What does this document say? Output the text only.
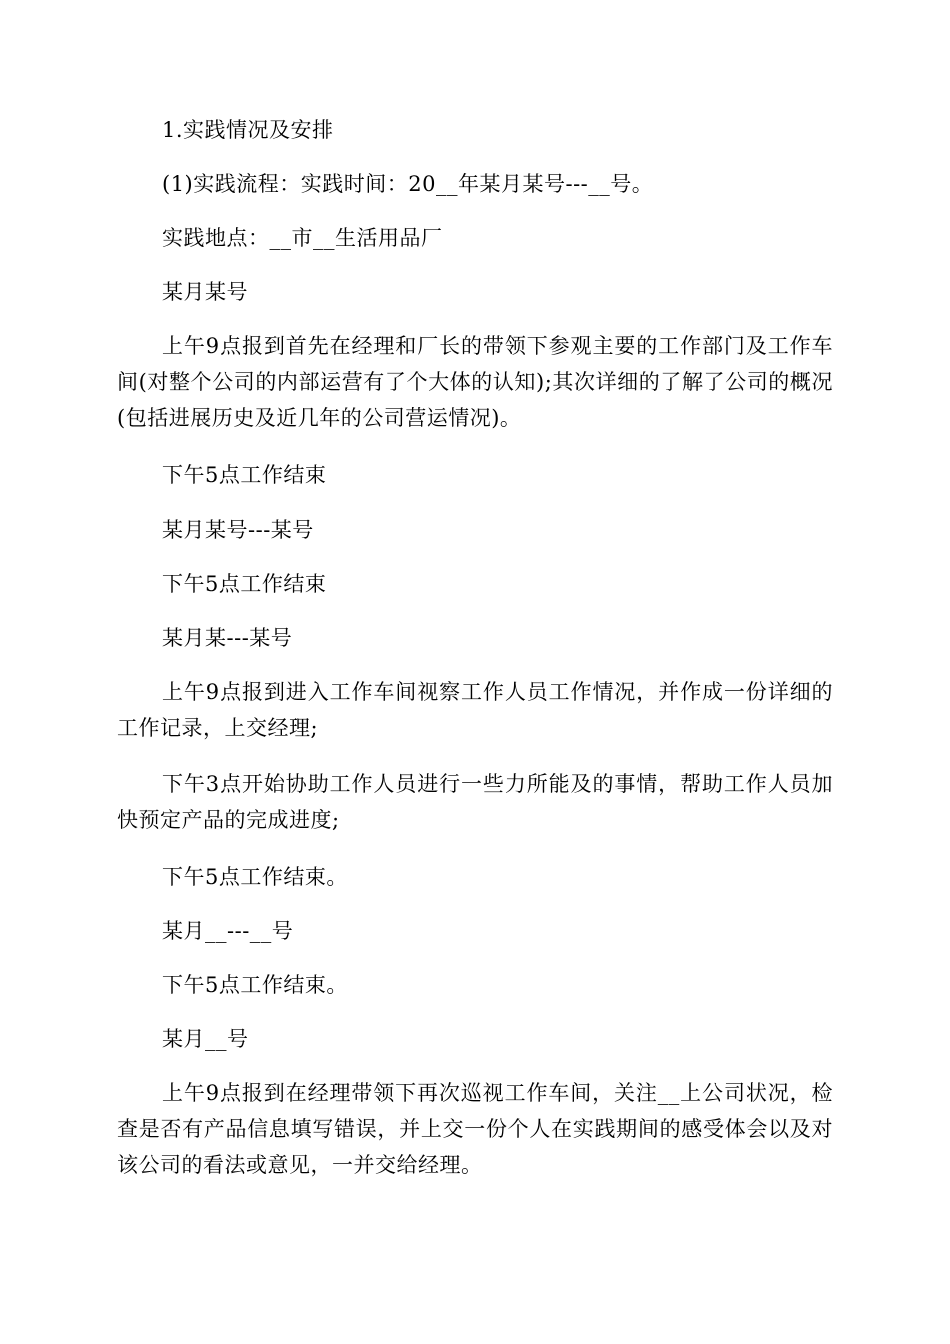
1.实践情况及安排

(1)实践流程：实践时间：20__年某月某号---__号。

实践地点：__市__生活用品厂

某月某号

上午9点报到首先在经理和厂长的带领下参观主要的工作部门及工作车间(对整个公司的内部运营有了个大体的认知);其次详细的了解了公司的概况(包括进展历史及近几年的公司营运情况)。

下午5点工作结束

某月某号---某号

下午5点工作结束

某月某---某号

上午9点报到进入工作车间视察工作人员工作情况，并作成一份详细的工作记录，上交经理;

下午3点开始协助工作人员进行一些力所能及的事情，帮助工作人员加快预定产品的完成进度;

下午5点工作结束。

某月__---__号

下午5点工作结束。

某月__号

上午9点报到在经理带领下再次巡视工作车间，关注__上公司状况，检查是否有产品信息填写错误，并上交一份个人在实践期间的感受体会以及对该公司的看法或意见，一并交给经理。
